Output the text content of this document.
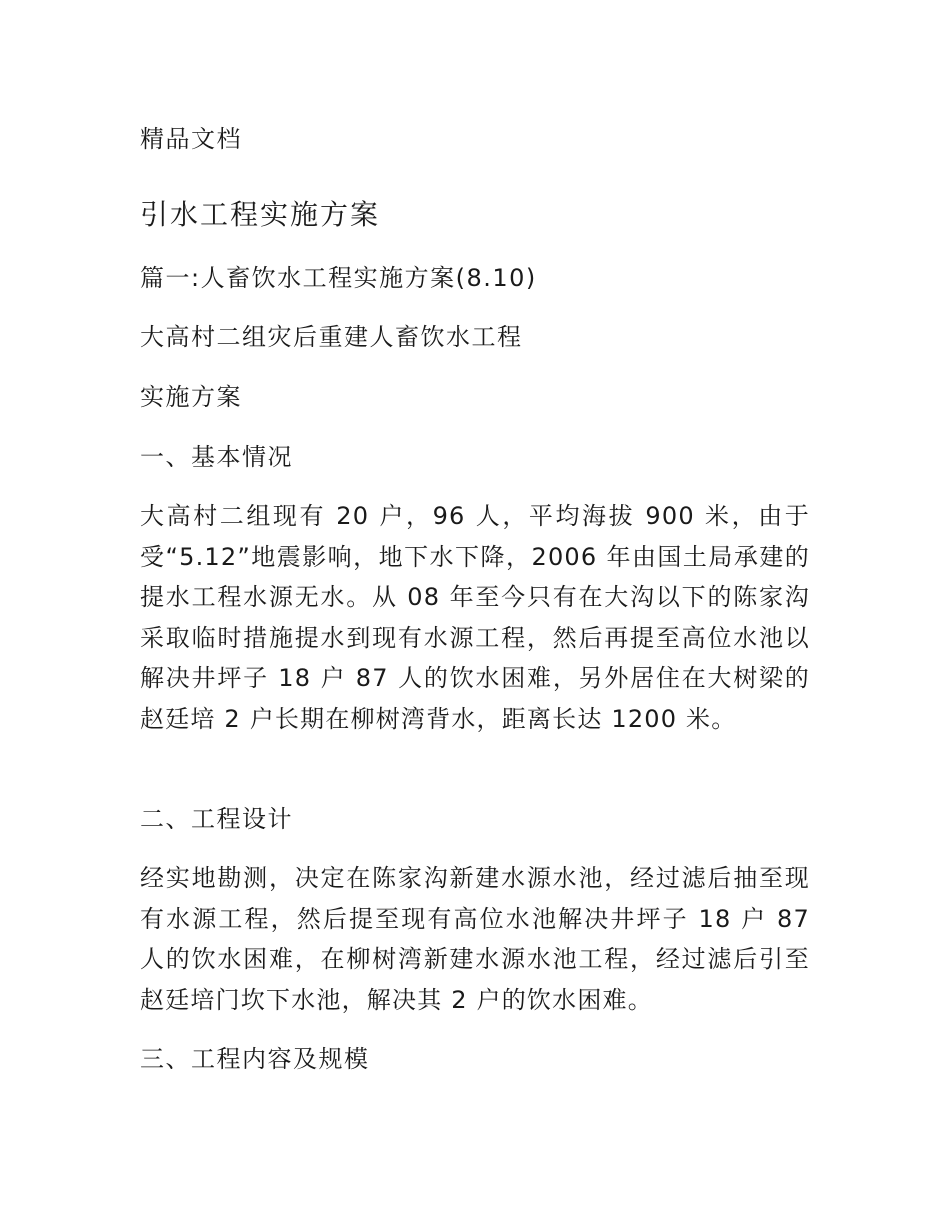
精品文档
引水工程实施方案
篇一:人畜饮水工程实施方案(8.10)
大高村二组灾后重建人畜饮水工程
实施方案
一、基本情况

大高村二组现有 20 户，96 人，平均海拔 900 米，由于受“5.12”地震影响，地下水下降，2006 年由国土局承建的提水工程水源无水。从 08 年至今只有在大沟以下的陈家沟采取临时措施提水到现有水源工程，然后再提至高位水池以解决井坪子 18 户 87 人的饮水困难，另外居住在大树梁的赵廷培 2 户长期在柳树湾背水，距离长达 1200 米。

二、工程设计

经实地勘测，决定在陈家沟新建水源水池，经过滤后抽至现有水源工程，然后提至现有高位水池解决井坪子 18 户 87 人的饮水困难，在柳树湾新建水源水池工程，经过滤后引至赵廷培门坎下水池，解决其 2 户的饮水困难。

三、工程内容及规模
